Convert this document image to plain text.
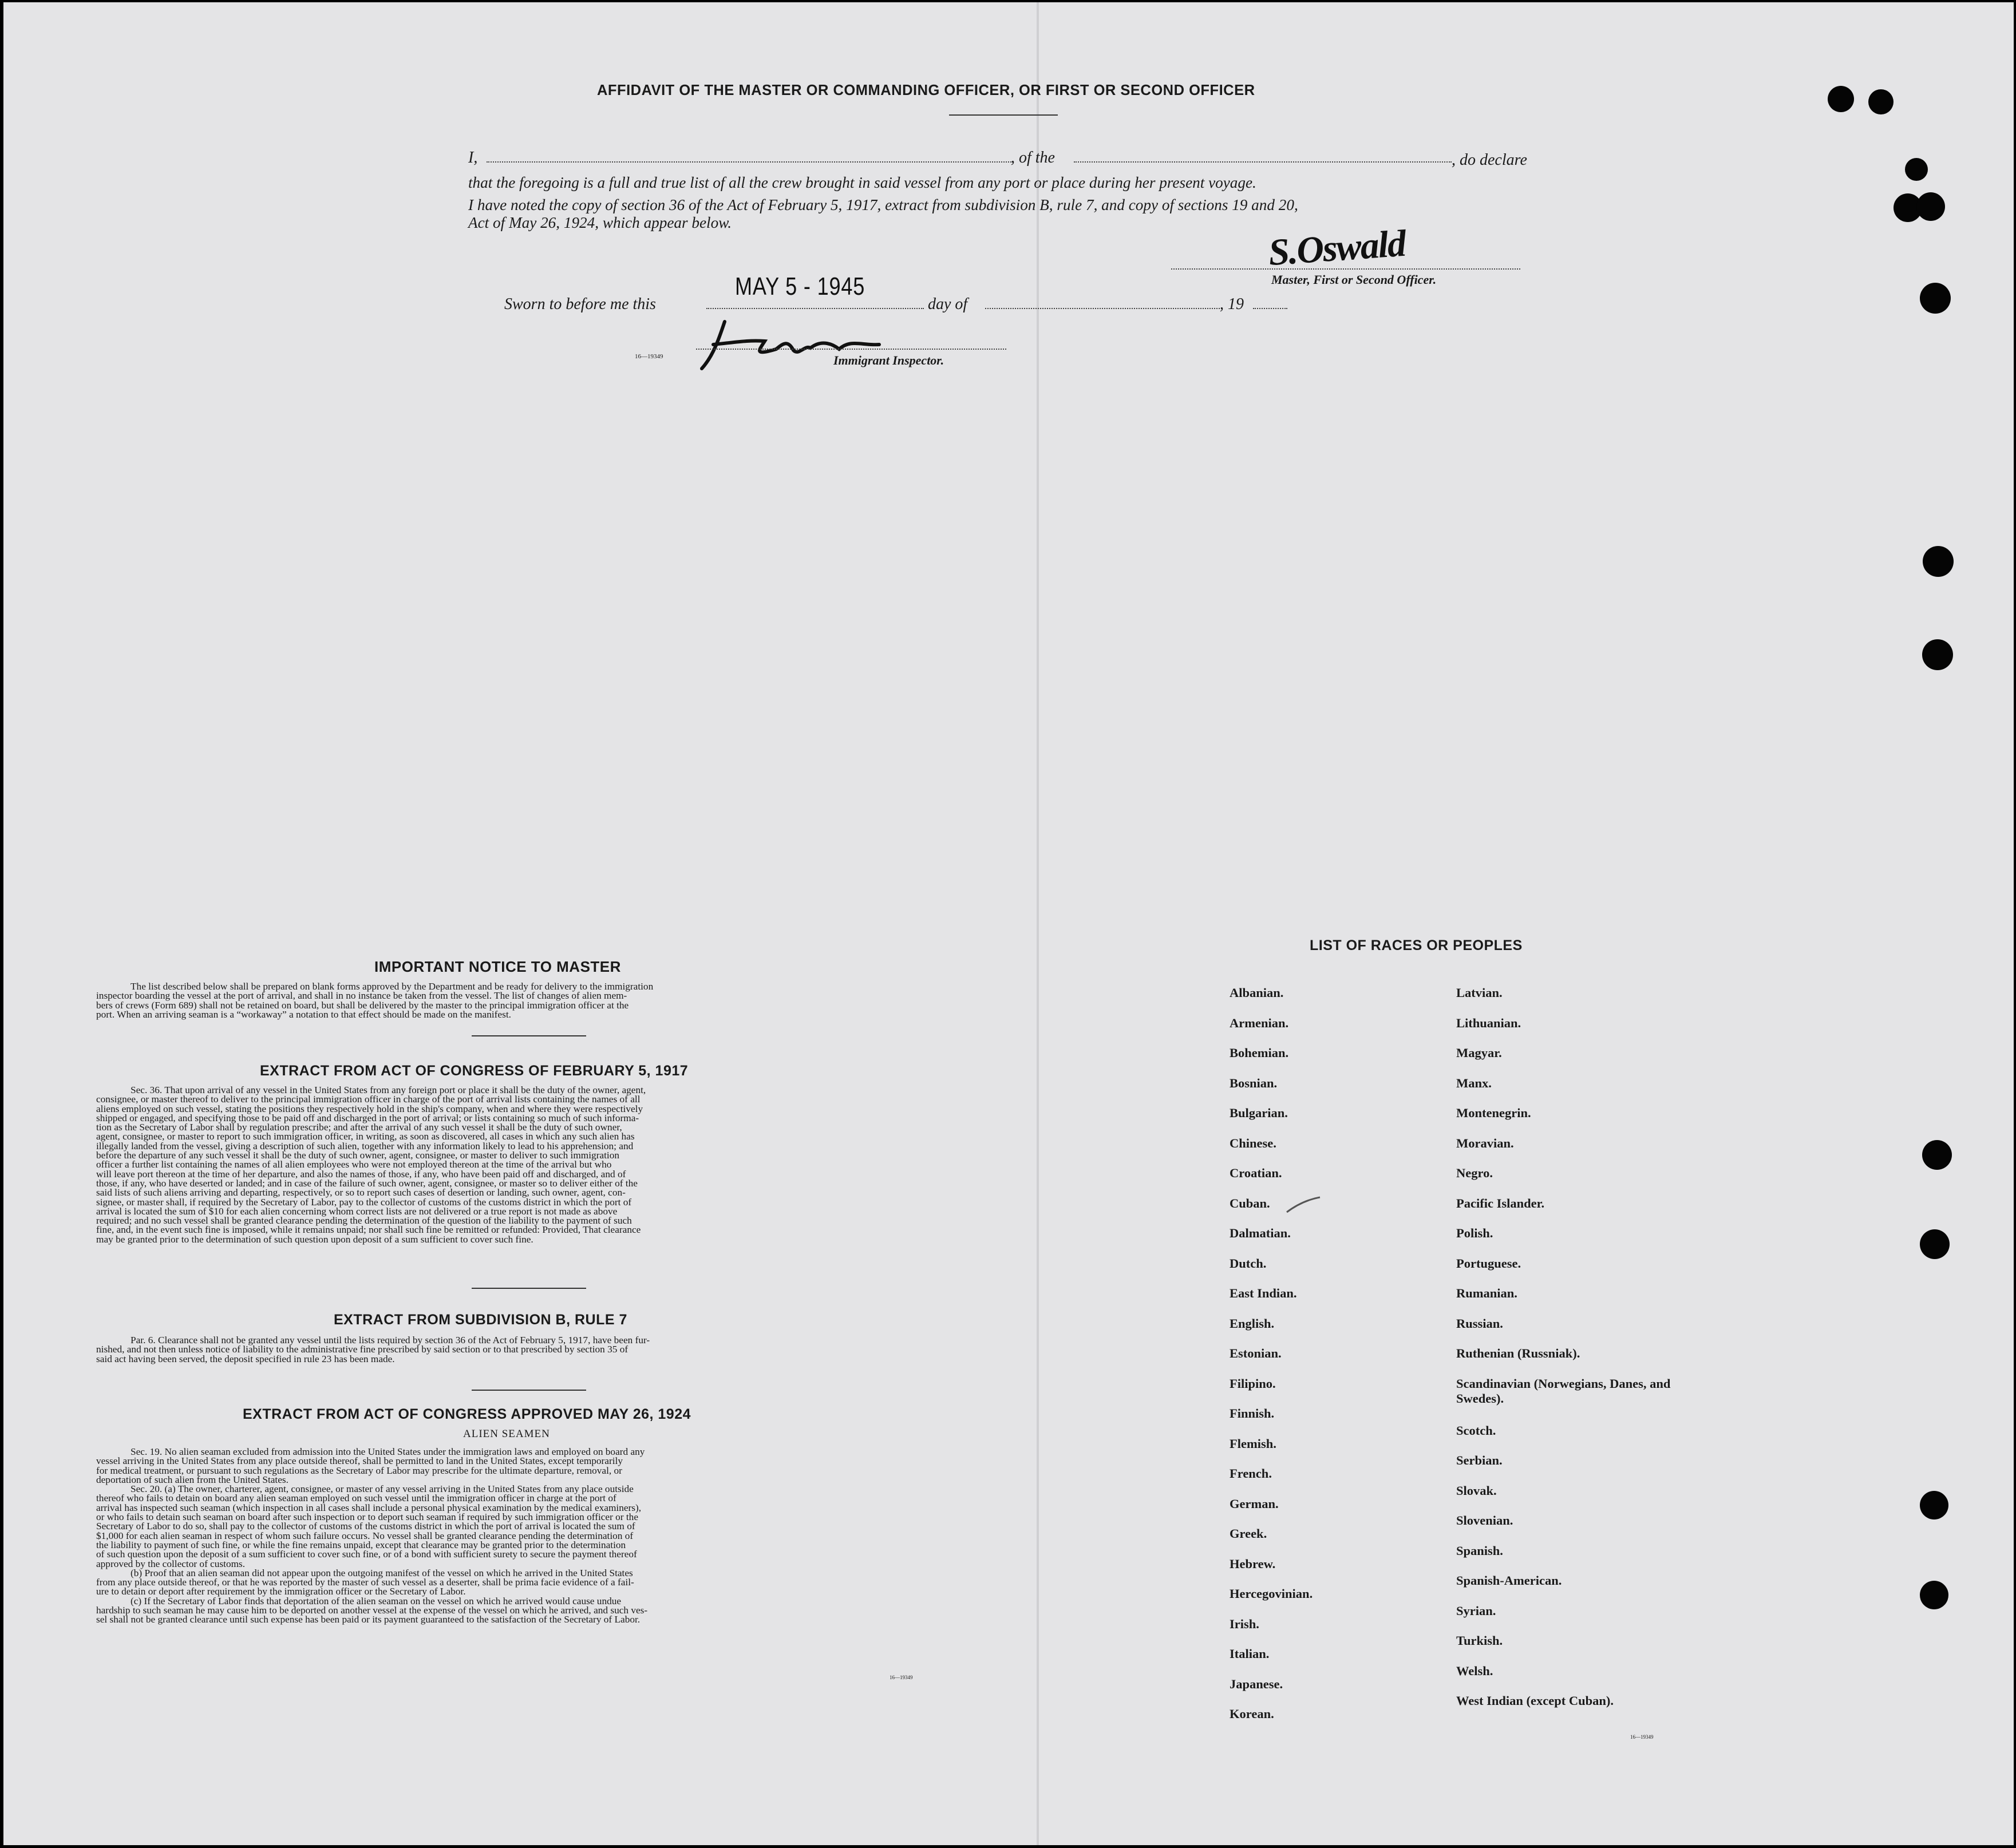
AFFIDAVIT OF THE MASTER OR COMMANDING OFFICER, OR FIRST OR SECOND OFFICER
I,	, of the	, do declare
that the foregoing is a full and true list of all the crew brought in said vessel from any port or place during her present voyage.
I have noted the copy of section 36 of the Act of February 5, 1917, extract from subdivision B, rule 7, and copy of sections 19 and 20,
Act of May 26, 1924, which appear below.	S.Oswald
Master, First or Second Officer.
Sworn to before me this
MAY 5 - 1945
day of	, 19
16—19349	Immigrant Inspector.
IMPORTANT NOTICE TO MASTER

The list described below shall be prepared on blank forms approved by the Department and be ready for delivery to the immigration

inspector boarding the vessel at the port of arrival, and shall in no instance be taken from the vessel. The list of changes of alien mem-

bers of crews (Form 689) shall not be retained on board, but shall be delivered by the master to the principal immigration officer at the

port. When an arriving seaman is a “workaway” a notation to that effect should be made on the manifest.

EXTRACT FROM ACT OF CONGRESS OF FEBRUARY 5, 1917

Sec. 36. That upon arrival of any vessel in the United States from any foreign port or place it shall be the duty of the owner, agent,

consignee, or master thereof to deliver to the principal immigration officer in charge of the port of arrival lists containing the names of all

aliens employed on such vessel, stating the positions they respectively hold in the ship's company, when and where they were respectively

shipped or engaged, and specifying those to be paid off and discharged in the port of arrival; or lists containing so much of such informa-

tion as the Secretary of Labor shall by regulation prescribe; and after the arrival of any such vessel it shall be the duty of such owner,

agent, consignee, or master to report to such immigration officer, in writing, as soon as discovered, all cases in which any such alien has

illegally landed from the vessel, giving a description of such alien, together with any information likely to lead to his apprehension; and

before the departure of any such vessel it shall be the duty of such owner, agent, consignee, or master to deliver to such immigration

officer a further list containing the names of all alien employees who were not employed thereon at the time of the arrival but who

will leave port thereon at the time of her departure, and also the names of those, if any, who have been paid off and discharged, and of

those, if any, who have deserted or landed; and in case of the failure of such owner, agent, consignee, or master so to deliver either of the

said lists of such aliens arriving and departing, respectively, or so to report such cases of desertion or landing, such owner, agent, con-

signee, or master shall, if required by the Secretary of Labor, pay to the collector of customs of the customs district in which the port of

arrival is located the sum of $10 for each alien concerning whom correct lists are not delivered or a true report is not made as above

required; and no such vessel shall be granted clearance pending the determination of the question of the liability to the payment of such

fine, and, in the event such fine is imposed, while it remains unpaid; nor shall such fine be remitted or refunded: Provided, That clearance

may be granted prior to the determination of such question upon deposit of a sum sufficient to cover such fine.

EXTRACT FROM SUBDIVISION B, RULE 7

Par. 6. Clearance shall not be granted any vessel until the lists required by section 36 of the Act of February 5, 1917, have been fur-

nished, and not then unless notice of liability to the administrative fine prescribed by said section or to that prescribed by section 35 of

said act having been served, the deposit specified in rule 23 has been made.

EXTRACT FROM ACT OF CONGRESS APPROVED MAY 26, 1924
ALIEN SEAMEN

Sec. 19. No alien seaman excluded from admission into the United States under the immigration laws and employed on board any

vessel arriving in the United States from any place outside thereof, shall be permitted to land in the United States, except temporarily

for medical treatment, or pursuant to such regulations as the Secretary of Labor may prescribe for the ultimate departure, removal, or

deportation of such alien from the United States.

Sec. 20. (a) The owner, charterer, agent, consignee, or master of any vessel arriving in the United States from any place outside

thereof who fails to detain on board any alien seaman employed on such vessel until the immigration officer in charge at the port of

arrival has inspected such seaman (which inspection in all cases shall include a personal physical examination by the medical examiners),

or who fails to detain such seaman on board after such inspection or to deport such seaman if required by such immigration officer or the

Secretary of Labor to do so, shall pay to the collector of customs of the customs district in which the port of arrival is located the sum of

$1,000 for each alien seaman in respect of whom such failure occurs. No vessel shall be granted clearance pending the determination of

the liability to payment of such fine, or while the fine remains unpaid, except that clearance may be granted prior to the determination

of such question upon the deposit of a sum sufficient to cover such fine, or of a bond with sufficient surety to secure the payment thereof

approved by the collector of customs.

(b) Proof that an alien seaman did not appear upon the outgoing manifest of the vessel on which he arrived in the United States

from any place outside thereof, or that he was reported by the master of such vessel as a deserter, shall be prima facie evidence of a fail-

ure to detain or deport after requirement by the immigration officer or the Secretary of Labor.

(c) If the Secretary of Labor finds that deportation of the alien seaman on the vessel on which he arrived would cause undue

hardship to such seaman he may cause him to be deported on another vessel at the expense of the vessel on which he arrived, and such ves-

sel shall not be granted clearance until such expense has been paid or its payment guaranteed to the satisfaction of the Secretary of Labor.

16—19349
LIST OF RACES OR PEOPLES
Albanian.
Armenian.
Bohemian.
Bosnian.
Bulgarian.
Chinese.
Croatian.
Cuban.
Dalmatian.
Dutch.
East Indian.
English.
Estonian.
Filipino.
Finnish.
Flemish.
French.
German.
Greek.
Hebrew.
Hercegovinian.
Irish.
Italian.
Japanese.
Korean.
Latvian.
Lithuanian.
Magyar.
Manx.
Montenegrin.
Moravian.
Negro.
Pacific Islander.
Polish.
Portuguese.
Rumanian.
Russian.
Ruthenian (Russniak).
Scandinavian (Norwegians, Danes, and Swedes).
Scotch.
Serbian.
Slovak.
Slovenian.
Spanish.
Spanish-American.
Syrian.
Turkish.
Welsh.
West Indian (except Cuban).
16—19349
